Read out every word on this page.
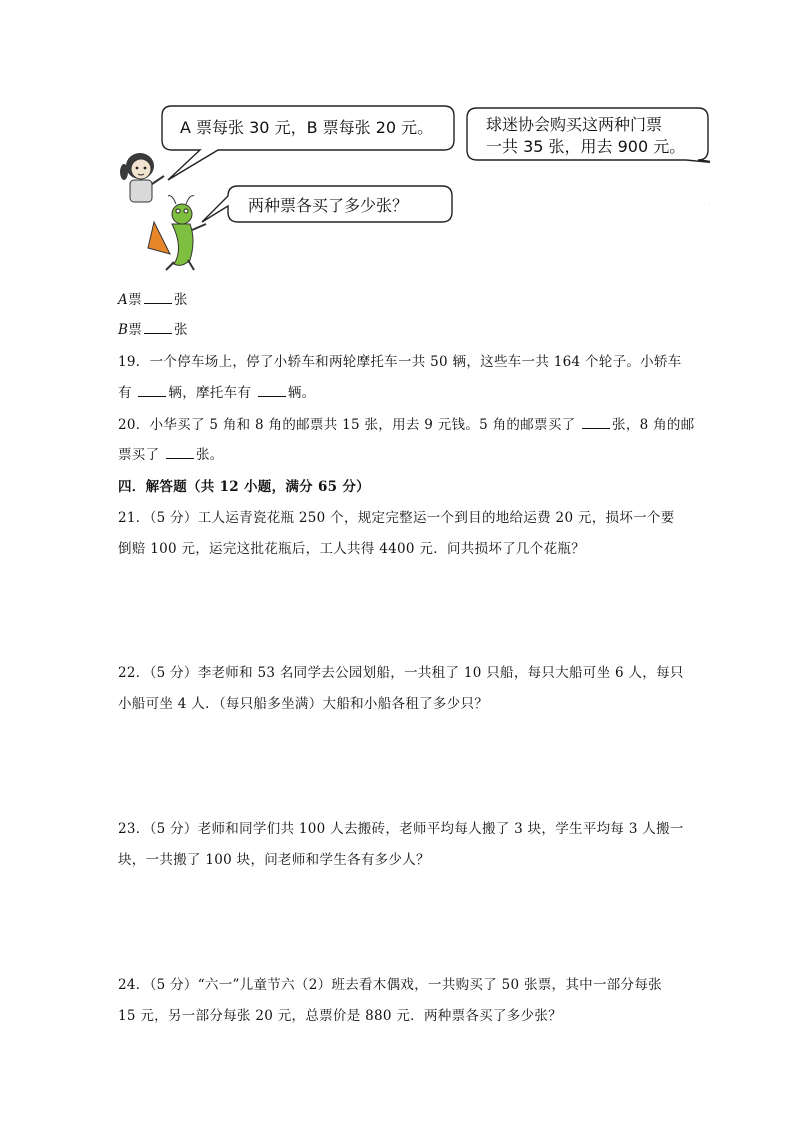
A 票每张 30 元，B 票每张 20 元。	球迷协会购买这两种门票
一共 35 张，用去 900 元。
两种票各买了多少张？
A票 张
B票 张
19．一个停车场上，停了小轿车和两轮摩托车一共 50 辆，这些车一共 164 个轮子。小轿车
有 辆，摩托车有 辆。
20．小华买了 5 角和 8 角的邮票共 15 张，用去 9 元钱。5 角的邮票买了 张，8 角的邮
票买了 张。
四．解答题（共 12 小题，满分 65 分）
21．（5 分）工人运青瓷花瓶 250 个，规定完整运一个到目的地给运费 20 元，损坏一个要
倒赔 100 元，运完这批花瓶后，工人共得 4400 元．问共损坏了几个花瓶？
22．（5 分）李老师和 53 名同学去公园划船，一共租了 10 只船，每只大船可坐 6 人，每只
小船可坐 4 人．（每只船多坐满）大船和小船各租了多少只？
23．（5 分）老师和同学们共 100 人去搬砖，老师平均每人搬了 3 块，学生平均每 3 人搬一
块，一共搬了 100 块，问老师和学生各有多少人？
24．（5 分）“六一”儿童节六（2）班去看木偶戏，一共购买了 50 张票，其中一部分每张
15 元，另一部分每张 20 元，总票价是 880 元．两种票各买了多少张？
